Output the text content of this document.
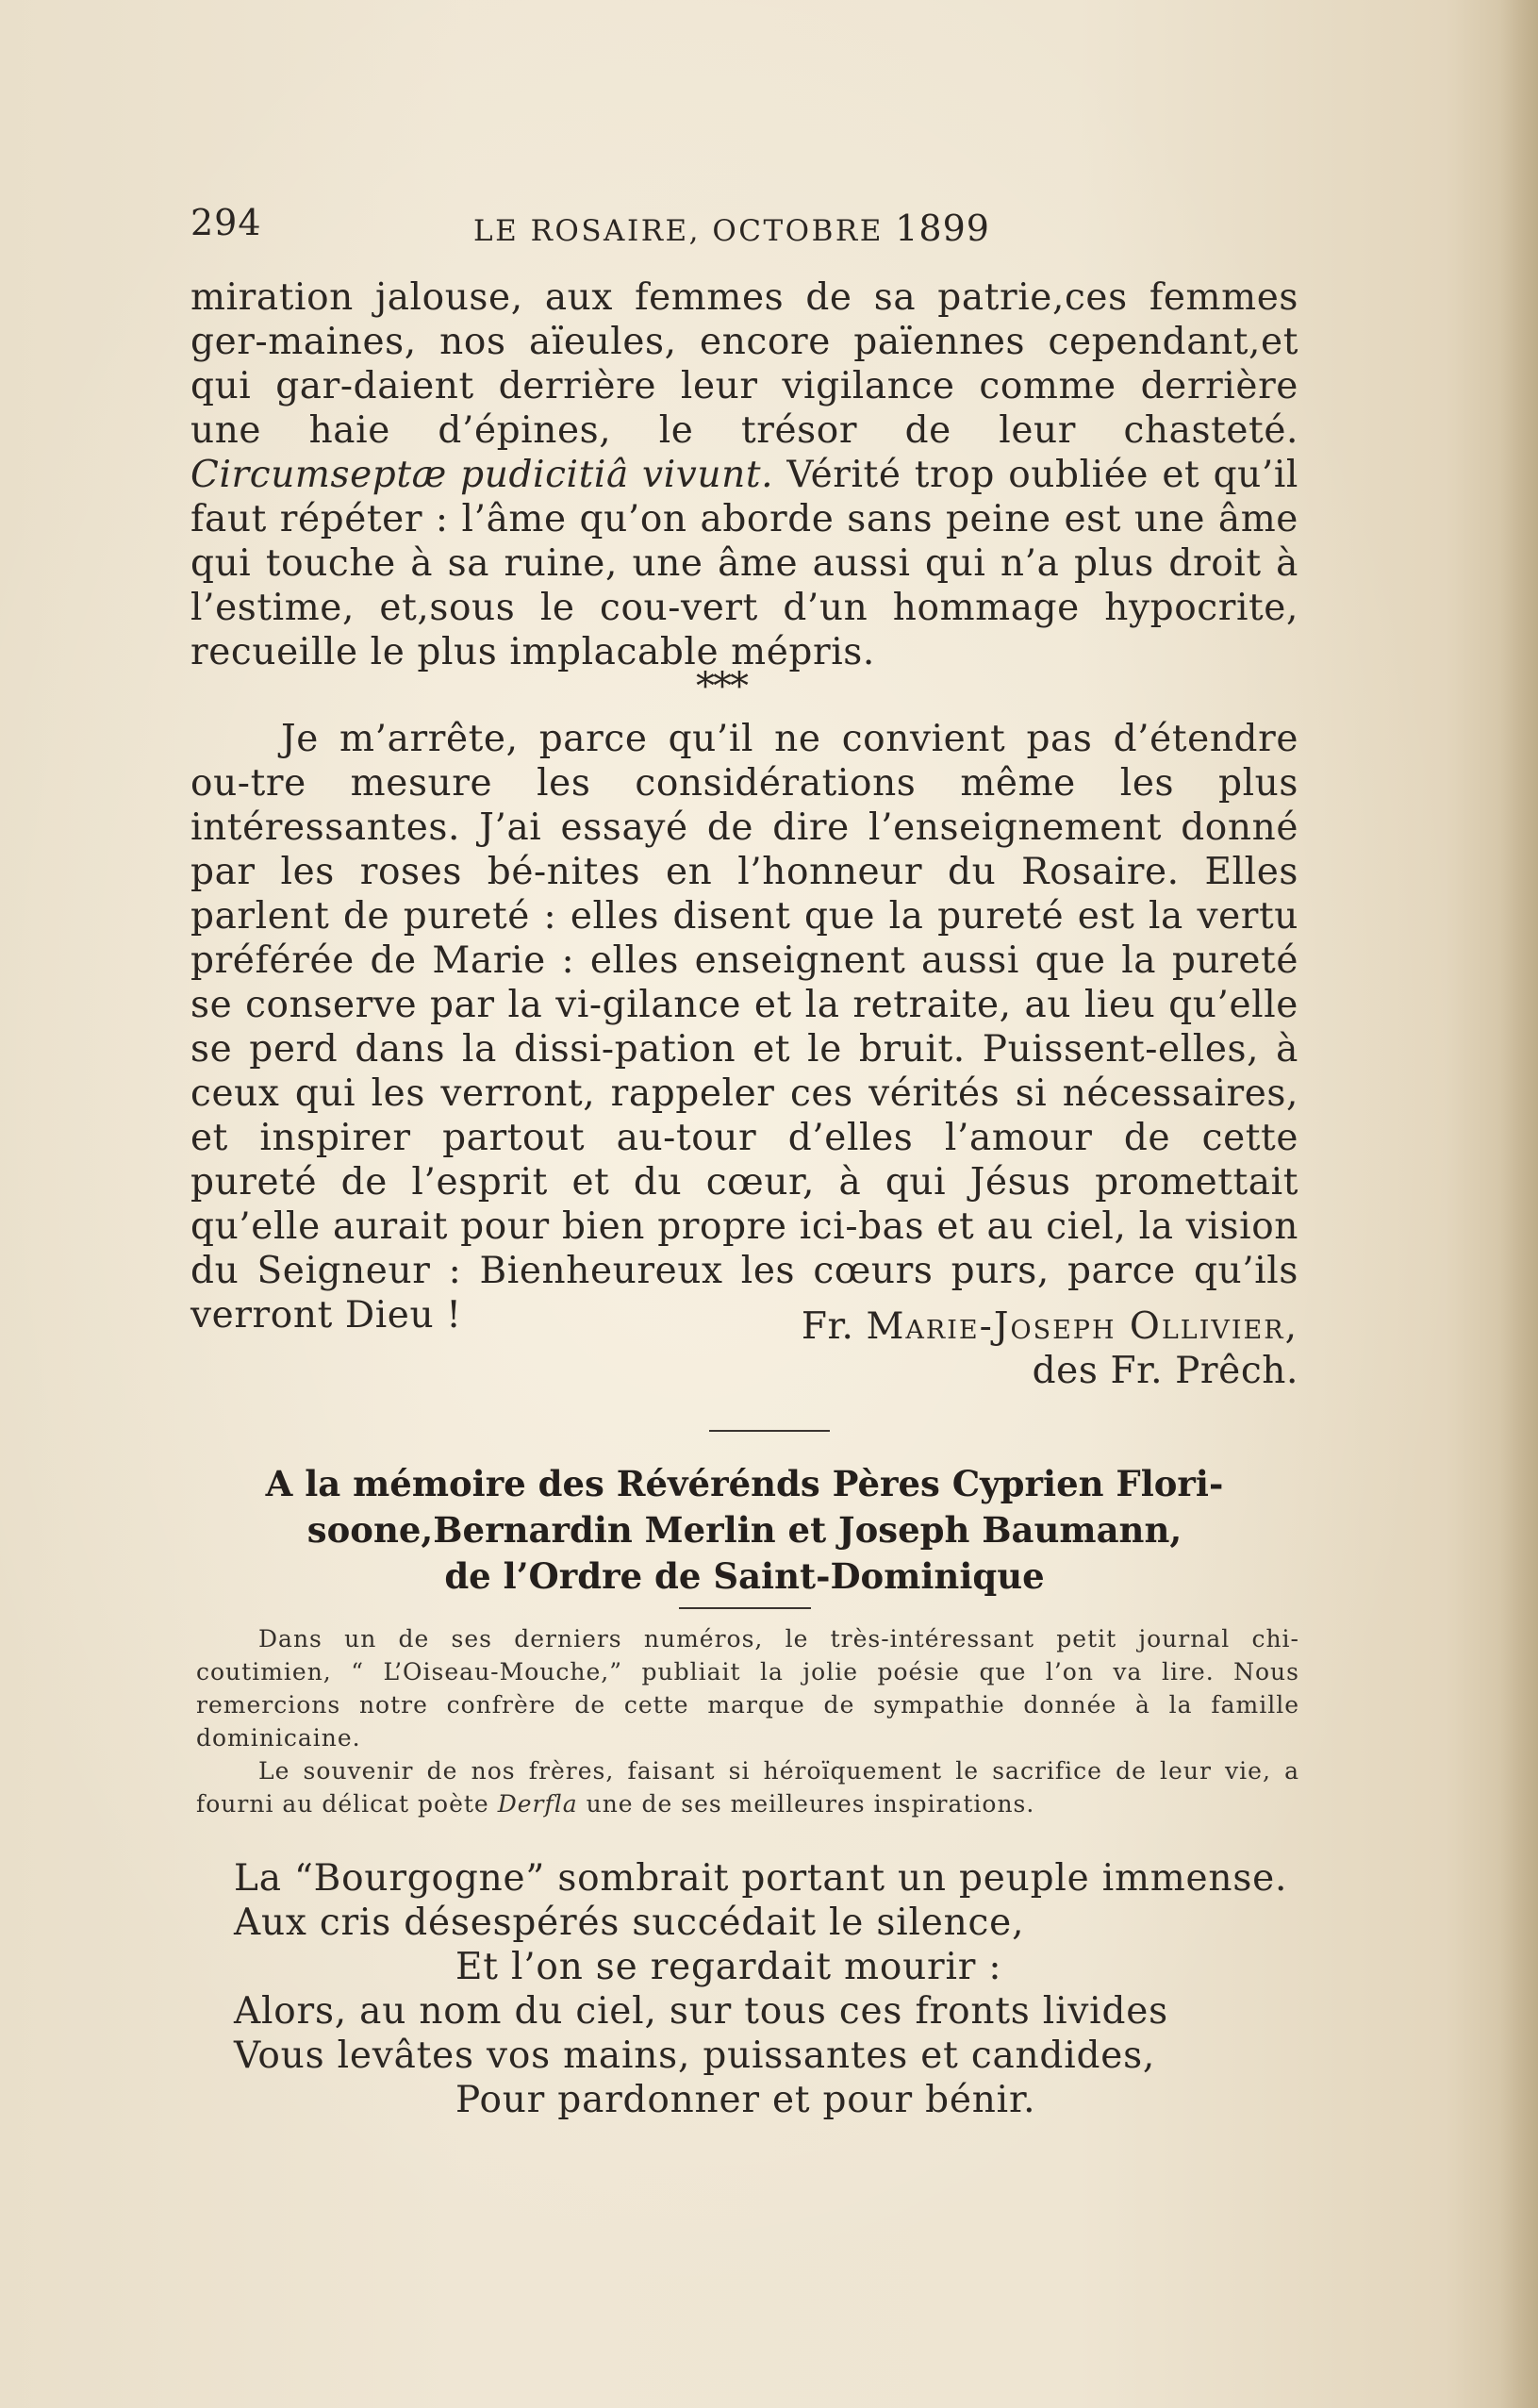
294	LE ROSAIRE, OCTOBRE 1899

miration jalouse, aux femmes de sa patrie,ces femmes ger-maines, nos aïeules, encore païennes cependant,et qui gar-daient derrière leur vigilance comme derrière une haie d’épines, le trésor de leur chasteté. Circumseptæ pudicitiâ vivunt. Vérité trop oubliée et qu’il faut répéter : l’âme qu’on aborde sans peine est une âme qui touche à sa ruine, une âme aussi qui n’a plus droit à l’estime, et,sous le cou-vert d’un hommage hypocrite, recueille le plus implacable mépris.

***

Je m’arrête, parce qu’il ne convient pas d’étendre ou-tre mesure les considérations même les plus intéressantes. J’ai essayé de dire l’enseignement donné par les roses bé-nites en l’honneur du Rosaire. Elles parlent de pureté : elles disent que la pureté est la vertu préférée de Marie : elles enseignent aussi que la pureté se conserve par la vi-gilance et la retraite, au lieu qu’elle se perd dans la dissi-pation et le bruit. Puissent-elles, à ceux qui les verront, rappeler ces vérités si nécessaires, et inspirer partout au-tour d’elles l’amour de cette pureté de l’esprit et du cœur, à qui Jésus promettait qu’elle aurait pour bien propre ici-bas et au ciel, la vision du Seigneur : Bienheureux les cœurs purs, parce qu’ils verront Dieu !	Fr. Marie-Joseph Ollivier,
des Fr. Prêch.
A la mémoire des Révérénds Pères Cyprien Flori-
soone,Bernardin Merlin et Joseph Baumann,
de l’Ordre de Saint-Dominique

Dans un de ses derniers numéros, le très-intéressant petit journal chi-coutimien, “ L’Oiseau-Mouche,” publiait la jolie poésie que l’on va lire. Nous remercions notre confrère de cette marque de sympathie donnée à la famille dominicaine.

Le souvenir de nos frères, faisant si héroïquement le sacrifice de leur vie, a fourni au délicat poète Derfla une de ses meilleures inspirations.

La “Bourgogne” sombrait portant un peuple immense.
Aux cris désespérés succédait le silence,
Et l’on se regardait mourir :
Alors, au nom du ciel, sur tous ces fronts livides
Vous levâtes vos mains, puissantes et candides,
Pour pardonner et pour bénir.
